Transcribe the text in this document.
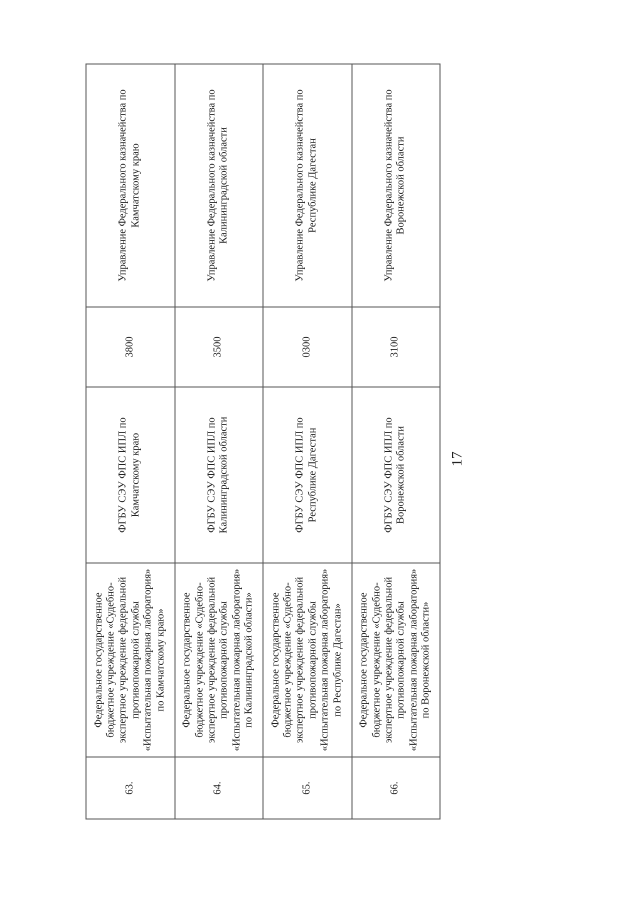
17
63.	Федеральное государственное бюджетное учреждение «Судебно-экспертное учреждение федеральной противопожарной службы «Испытательная пожарная лаборатория» по Камчатскому краю»	ФГБУ СЭУ ФПС ИПЛ по Камчатскому краю	3800	Управление Федерального казначейства по Камчатскому краю
64.	Федеральное государственное бюджетное учреждение «Судебно-экспертное учреждение федеральной противопожарной службы «Испытательная пожарная лаборатория» по Калининградской области»	ФГБУ СЭУ ФПС ИПЛ по Калининградской области	3500	Управление Федерального казначейства по Калининградской области
65.	Федеральное государственное бюджетное учреждение «Судебно-экспертное учреждение федеральной противопожарной службы «Испытательная пожарная лаборатория» по Республике Дагестан»	ФГБУ СЭУ ФПС ИПЛ по Республике Дагестан	0300	Управление Федерального казначейства по Республике Дагестан
66.	Федеральное государственное бюджетное учреждение «Судебно-экспертное учреждение федеральной противопожарной службы «Испытательная пожарная лаборатория» по Воронежской области»	ФГБУ СЭУ ФПС ИПЛ по Воронежской области	3100	Управление Федерального казначейства по Воронежской области
